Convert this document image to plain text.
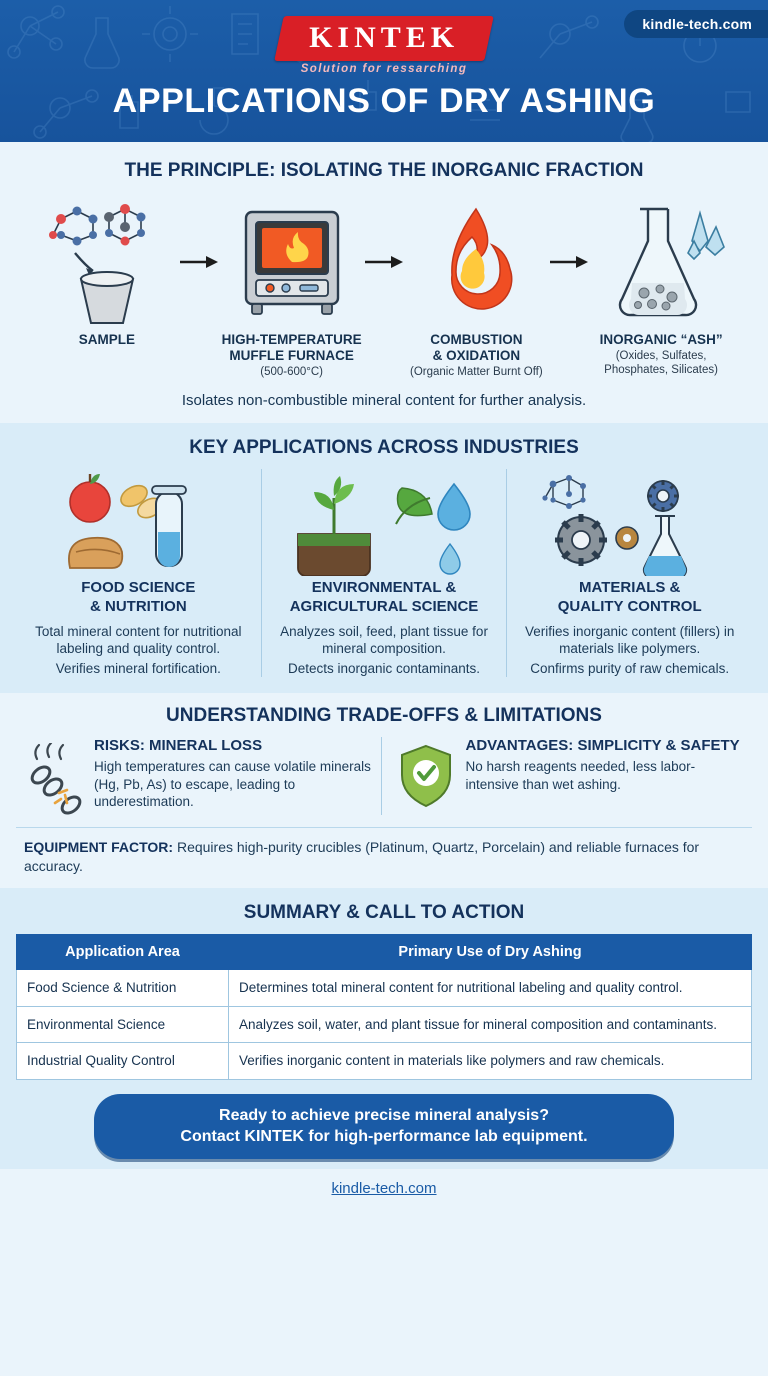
kindle-tech.com
KINTEK
Solution for ressarching
APPLICATIONS OF DRY ASHING
THE PRINCIPLE: ISOLATING THE INORGANIC FRACTION
SAMPLE	HIGH-TEMPERATURE
MUFFLE FURNACE
(500-600°C)
COMBUSTION
& OXIDATION
(Organic Matter Burnt Off)
INORGANIC “ASH”
(Oxides, Sulfates,
Phosphates, Silicates)
Isolates non-combustible mineral content for further analysis.
KEY APPLICATIONS ACROSS INDUSTRIES
FOOD SCIENCE
& NUTRITION

Total mineral content for nutritional labeling and quality control.

Verifies mineral fortification.

ENVIRONMENTAL &
AGRICULTURAL SCIENCE

Analyzes soil, feed, plant tissue for mineral composition.

Detects inorganic contaminants.

MATERIALS &
QUALITY CONTROL

Verifies inorganic content (fillers) in materials like polymers.

Confirms purity of raw chemicals.

UNDERSTANDING TRADE-OFFS & LIMITATIONS
RISKS: MINERAL LOSS
High temperatures can cause volatile minerals (Hg, Pb, As) to escape, leading to underestimation.
ADVANTAGES: SIMPLICITY & SAFETY
No harsh reagents needed, less labor-intensive than wet ashing.
EQUIPMENT FACTOR: Requires high-purity crucibles (Platinum, Quartz, Porcelain) and reliable furnaces for accuracy.
SUMMARY & CALL TO ACTION
Application Area	Primary Use of Dry Ashing
Food Science & Nutrition	Determines total mineral content for nutritional labeling and quality control.
Environmental Science	Analyzes soil, water, and plant tissue for mineral composition and contaminants.
Industrial Quality Control	Verifies inorganic content in materials like polymers and raw chemicals.
Ready to achieve precise mineral analysis?
Contact KINTEK for high-performance lab equipment.
kindle-tech.com
